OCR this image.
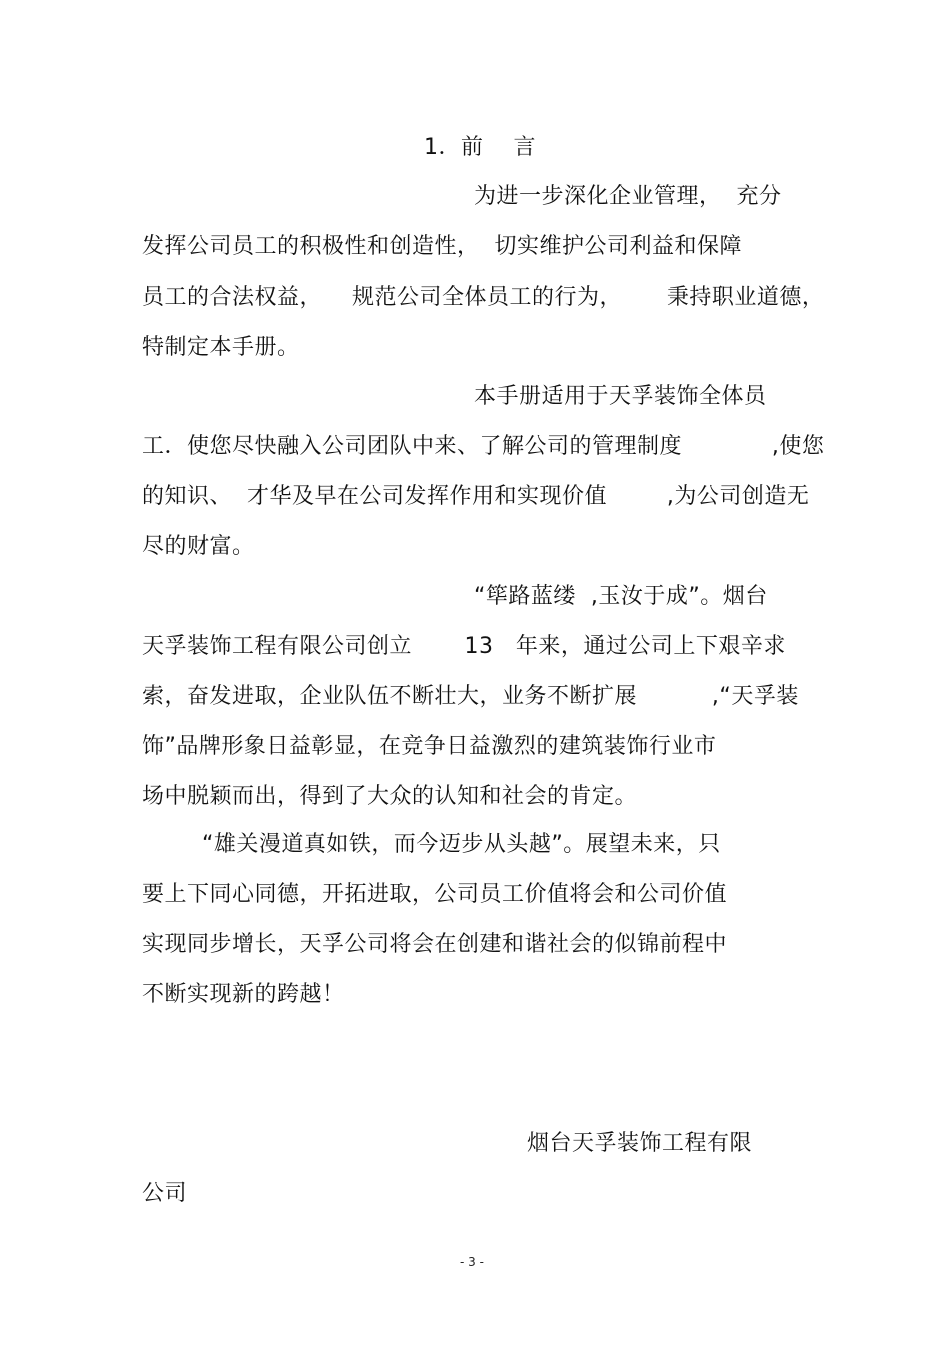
1．前    言
为进一步深化企业管理，  充分
发挥公司员工的积极性和创造性，  切实维护公司利益和保障
员工的合法权益，    规范公司全体员工的行为，      秉持职业道德，
特制定本手册。
本手册适用于天孚装饰全体员
工．使您尽快融入公司团队中来、了解公司的管理制度            ,使您
的知识、  才华及早在公司发挥作用和实现价值        ,为公司创造无
尽的财富。
“筚路蓝缕  ,玉汝于成”。烟台
天孚装饰工程有限公司创立       13   年来，通过公司上下艰辛求
索，奋发进取，企业队伍不断壮大，业务不断扩展          ,“天孚装
饰”品牌形象日益彰显，在竞争日益激烈的建筑装饰行业市
场中脱颖而出，得到了大众的认知和社会的肯定。
“雄关漫道真如铁，而今迈步从头越”。展望未来，只
要上下同心同德，开拓进取，公司员工价值将会和公司价值
实现同步增长，天孚公司将会在创建和谐社会的似锦前程中
不断实现新的跨越！
烟台天孚装饰工程有限
公司
- 3 -
